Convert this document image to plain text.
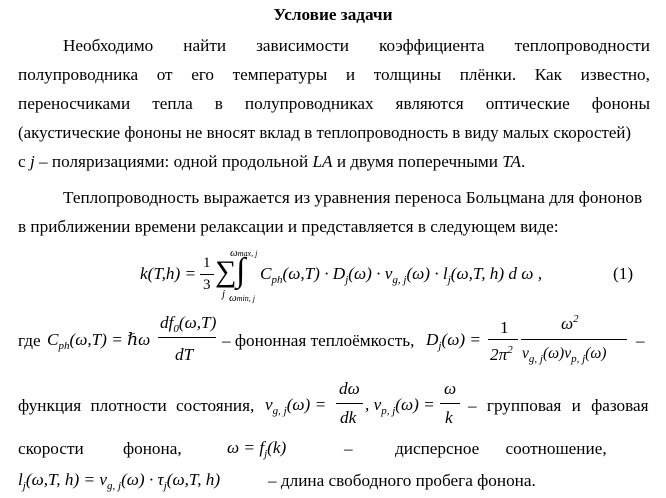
Условие задачи
Необходимо найти зависимости коэффициента теплопроводности
полупроводника от его температуры и толщины плёнки. Как известно,
переносчиками тепла в полупроводниках являются оптические фононы
(акустические фононы не вносят вклад в теплопроводность в виду малых скоростей)
с j – поляризациями: одной продольной LA и двумя поперечными TA.
Теплопроводность выражается из уравнения переноса Больцмана для фононов
в приближении времени релаксации и представляется в следующем виде:
k(T,h) =
1
3 ∑
j
ωmax, j
∫
ωmin, j
$C_{ph}(\omega,T) \cdot D_j(\omega) \cdot \nu_{g, j}(\omega) \cdot l_j(\omega,T$, h) d ω ,	(1)
где $C_{ph}(\omega,T)$ = ℏω
$df_0(\omega,T)$
dT
– фононная теплоёмкость, $D_j(\omega)$ =
1
$2\pi^2$
$\omega^2$
$\nu_{g, j}(\omega)\nu_{p, j}(\omega)$
–
функция плотности состояния, $\nu_{g, j}(\omega)$ =
dω
dk
, $\nu_{p, j}(\omega)$ =
ω
k
– групповая и фазовая
скорости фонона,	$\omega = f_j(k)$	– дисперсное соотношение,
$l_j(\omega,T$, $h) = \nu_{g, j}(\omega) \cdot \tau_j(\omega,T$, h)	– длина свободного пробега фонона.
